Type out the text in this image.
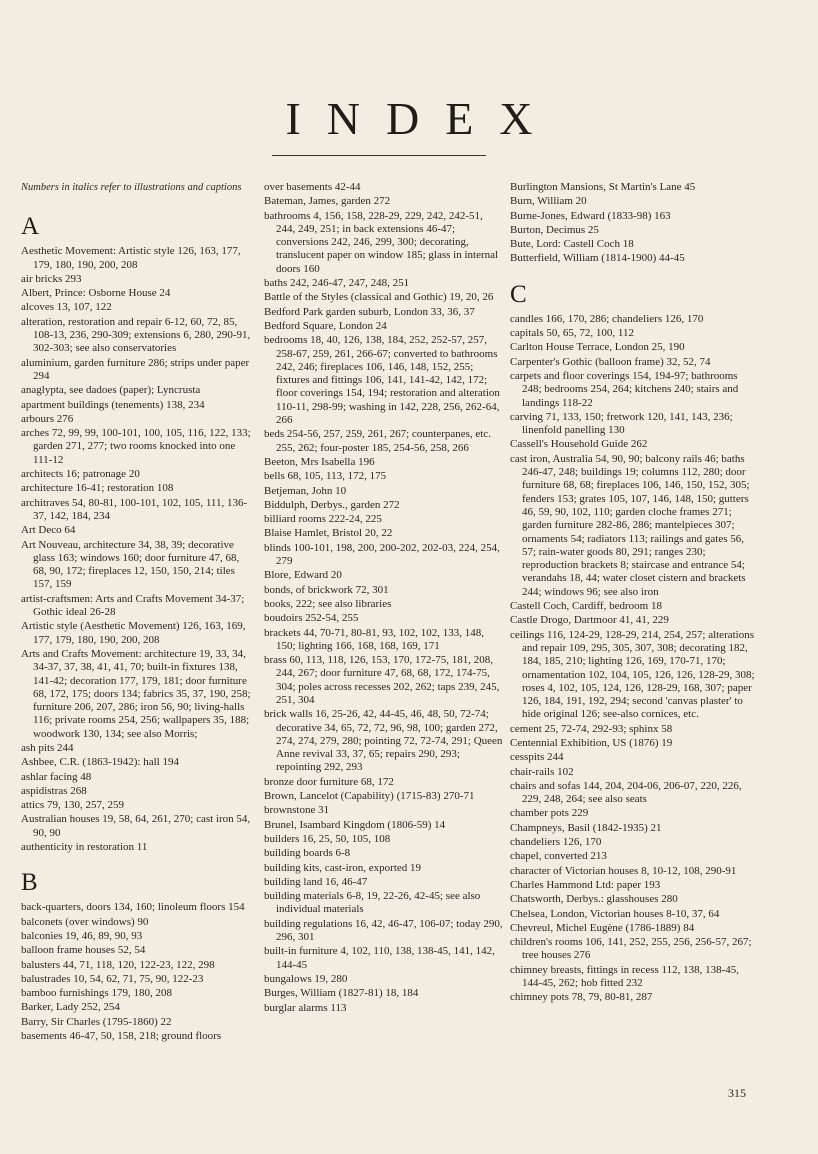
INDEX
Numbers in italics refer to illustrations and captions
A
Aesthetic Movement: Artistic style 126, 163, 177, 179, 180, 190, 200, 208
air bricks 293
Albert, Prince: Osborne House 24
alcoves 13, 107, 122
alteration, restoration and repair 6-12, 60, 72, 85, 108-13, 236, 290-309; extensions 6, 280, 290-91, 302-303; see also conservatories
aluminium, garden furniture 286; strips under paper 294
anaglypta, see dadoes (paper); Lyncrusta
apartment buildings (tenements) 138, 234
arbours 276
arches 72, 99, 99, 100-101, 100, 105, 116, 122, 133; garden 271, 277; two rooms knocked into one 111-12
architects 16; patronage 20
architecture 16-41; restoration 108
architraves 54, 80-81, 100-101, 102, 105, 111, 136-37, 142, 184, 234
Art Deco 64
Art Nouveau, architecture 34, 38, 39; decorative glass 163; windows 160; door furniture 47, 68, 68, 90, 172; fireplaces 12, 150, 150, 214; tiles 157, 159
artist-craftsmen: Arts and Crafts Movement 34-37; Gothic ideal 26-28
Artistic style (Aesthetic Movement) 126, 163, 169, 177, 179, 180, 190, 200, 208
Arts and Crafts Movement: architecture 19, 33, 34, 34-37, 37, 38, 41, 41, 70; built-in fixtures 138, 141-42; decoration 177, 179, 181; door furniture 68, 172, 175; doors 134; fabrics 35, 37, 190, 258; furniture 206, 207, 286; iron 56, 90; living-halls 116; private rooms 254, 256; wallpapers 35, 188; woodwork 130, 134; see also Morris;
ash pits 244
Ashbee, C.R. (1863-1942): hall 194
ashlar facing 48
aspidistras 268
attics 79, 130, 257, 259
Australian houses 19, 58, 64, 261, 270; cast iron 54, 90, 90
authenticity in restoration 11
B
back-quarters, doors 134, 160; linoleum floors 154
balconets (over windows) 90
balconies 19, 46, 89, 90, 93
balloon frame houses 52, 54
balusters 44, 71, 118, 120, 122-23, 122, 298
balustrades 10, 54, 62, 71, 75, 90, 122-23
bamboo furnishings 179, 180, 208
Barker, Lady 252, 254
Barry, Sir Charles (1795-1860) 22
basements 46-47, 50, 158, 218; ground floors
over basements 42-44
Bateman, James, garden 272
bathrooms 4, 156, 158, 228-29, 229, 242, 242-51, 244, 249, 251; in back extensions 46-47; conversions 242, 246, 299, 300; decorating, translucent paper on window 185; glass in internal doors 160
baths 242, 246-47, 247, 248, 251
Battle of the Styles (classical and Gothic) 19, 20, 26
Bedford Park garden suburb, London 33, 36, 37
Bedford Square, London 24
bedrooms 18, 40, 126, 138, 184, 252, 252-57, 257, 258-67, 259, 261, 266-67; converted to bathrooms 242, 246; fireplaces 106, 146, 148, 152, 255; fixtures and fittings 106, 141, 141-42, 142, 172; floor coverings 154, 194; restoration and alteration 110-11, 298-99; washing in 142, 228, 256, 262-64, 266
beds 254-56, 257, 259, 261, 267; counterpanes, etc. 255, 262; four-poster 185, 254-56, 258, 266
Beeton, Mrs Isabella 196
bells 68, 105, 113, 172, 175
Betjeman, John 10
Biddulph, Derbys., garden 272
billiard rooms 222-24, 225
Blaise Hamlet, Bristol 20, 22
blinds 100-101, 198, 200, 200-202, 202-03, 224, 254, 279
Blore, Edward 20
bonds, of brickwork 72, 301
books, 222; see also libraries
boudoirs 252-54, 255
brackets 44, 70-71, 80-81, 93, 102, 102, 133, 148, 150; lighting 166, 168, 168, 169, 171
brass 60, 113, 118, 126, 153, 170, 172-75, 181, 208, 244, 267; door furniture 47, 68, 68, 172, 174-75, 304; poles across recesses 202, 262; taps 239, 245, 251, 304
brick walls 16, 25-26, 42, 44-45, 46, 48, 50, 72-74; decorative 34, 65, 72, 72, 96, 98, 100; garden 272, 274, 274, 279, 280; pointing 72, 72-74, 291; Queen Anne revival 33, 37, 65; repairs 290, 293; repointing 292, 293
bronze door furniture 68, 172
Brown, Lancelot (Capability) (1715-83) 270-71
brownstone 31
Brunel, Isambard Kingdom (1806-59) 14
builders 16, 25, 50, 105, 108
building boards 6-8
building kits, cast-iron, exported 19
building land 16, 46-47
building materials 6-8, 19, 22-26, 42-45; see also individual materials
building regulations 16, 42, 46-47, 106-07; today 290, 296, 301
built-in furniture 4, 102, 110, 138, 138-45, 141, 142, 144-45
bungalows 19, 280
Burges, William (1827-81) 18, 184
burglar alarms 113
Burlington Mansions, St Martin's Lane 45
Burn, William 20
Burne-Jones, Edward (1833-98) 163
Burton, Decimus 25
Bute, Lord: Castell Coch 18
Butterfield, William (1814-1900) 44-45
C
candles 166, 170, 286; chandeliers 126, 170
capitals 50, 65, 72, 100, 112
Carlton House Terrace, London 25, 190
Carpenter's Gothic (balloon frame) 32, 52, 74
carpets and floor coverings 154, 194-97; bathrooms 248; bedrooms 254, 264; kitchens 240; stairs and landings 118-22
carving 71, 133, 150; fretwork 120, 141, 143, 236; linenfold panelling 130
Cassell's Household Guide 262
cast iron, Australia 54, 90, 90; balcony rails 46; baths 246-47, 248; buildings 19; columns 112, 280; door furniture 68, 68; fireplaces 106, 146, 150, 152, 305; fenders 153; grates 105, 107, 146, 148, 150; gutters 46, 59, 90, 102, 110; garden cloche frames 271; garden furniture 282-86, 286; mantelpieces 307; ornaments 54; radiators 113; railings and gates 56, 57; rain-water goods 80, 291; ranges 230; reproduction brackets 8; staircase and entrance 54; verandahs 18, 44; water closet cistern and brackets 244; windows 96; see also iron
Castell Coch, Cardiff, bedroom 18
Castle Drogo, Dartmoor 41, 41, 229
ceilings 116, 124-29, 128-29, 214, 254, 257; alterations and repair 109, 295, 305, 307, 308; decorating 182, 184, 185, 210; lighting 126, 169, 170-71, 170; ornamentation 102, 104, 105, 126, 126, 128-29, 308; roses 4, 102, 105, 124, 126, 128-29, 168, 307; paper 126, 184, 191, 192, 294; second 'canvas plaster' to hide original 126; see-also cornices, etc.
cement 25, 72-74, 292-93; sphinx 58
Centennial Exhibition, US (1876) 19
cesspits 244
chair-rails 102
chairs and sofas 144, 204, 204-06, 206-07, 220, 226, 229, 248, 264; see also seats
chamber pots 229
Champneys, Basil (1842-1935) 21
chandeliers 126, 170
chapel, converted 213
character of Victorian houses 8, 10-12, 108, 290-91
Charles Hammond Ltd: paper 193
Chatsworth, Derbys.: glasshouses 280
Chelsea, London, Victorian houses 8-10, 37, 64
Chevreul, Michel Eugène (1786-1889) 84
children's rooms 106, 141, 252, 255, 256, 256-57, 267; tree houses 276
chimney breasts, fittings in recess 112, 138, 138-45, 144-45, 262; hob fitted 232
chimney pots 78, 79, 80-81, 287
315
